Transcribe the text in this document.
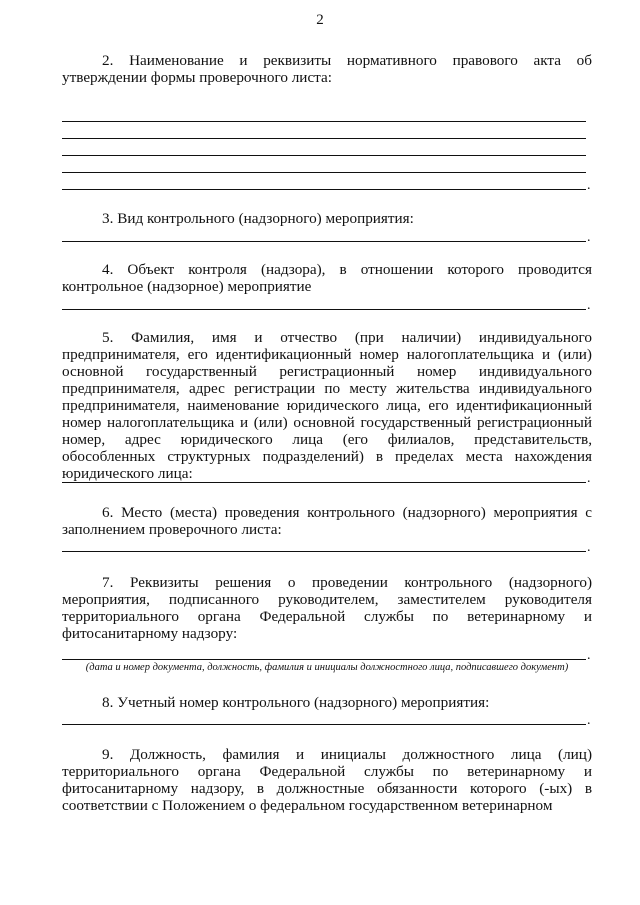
2
2. Наименование и реквизиты нормативного правового акта об утверждении формы проверочного листа:
.
3. Вид контрольного (надзорного) мероприятия:
.
4. Объект контроля (надзора), в отношении которого проводится контрольное (надзорное) мероприятие
.
5. Фамилия, имя и отчество (при наличии) индивидуального предпринимателя, его идентификационный номер налогоплательщика и (или) основной государственный регистрационный номер индивидуального предпринимателя, адрес регистрации по месту жительства индивидуального предпринимателя, наименование юридического лица, его идентификационный номер налогоплательщика и (или) основной государственный регистрационный номер, адрес юридического лица (его филиалов, представительств, обособленных структурных подразделений) в пределах места нахождения юридического лица:	.
6. Место (места) проведения контрольного (надзорного) мероприятия с заполнением проверочного листа:
.
7. Реквизиты решения о проведении контрольного (надзорного) мероприятия, подписанного руководителем, заместителем руководителя территориального органа Федеральной службы по ветеринарному и фитосанитарному надзору:
.
(дата и номер документа, должность, фамилия и инициалы должностного лица, подписавшего документ)
8. Учетный номер контрольного (надзорного) мероприятия:
.
9. Должность, фамилия и инициалы должностного лица (лиц) территориального органа Федеральной службы по ветеринарному и фитосанитарному надзору, в должностные обязанности которого (-ых) в соответствии с Положением о федеральном государственном ветеринарном
